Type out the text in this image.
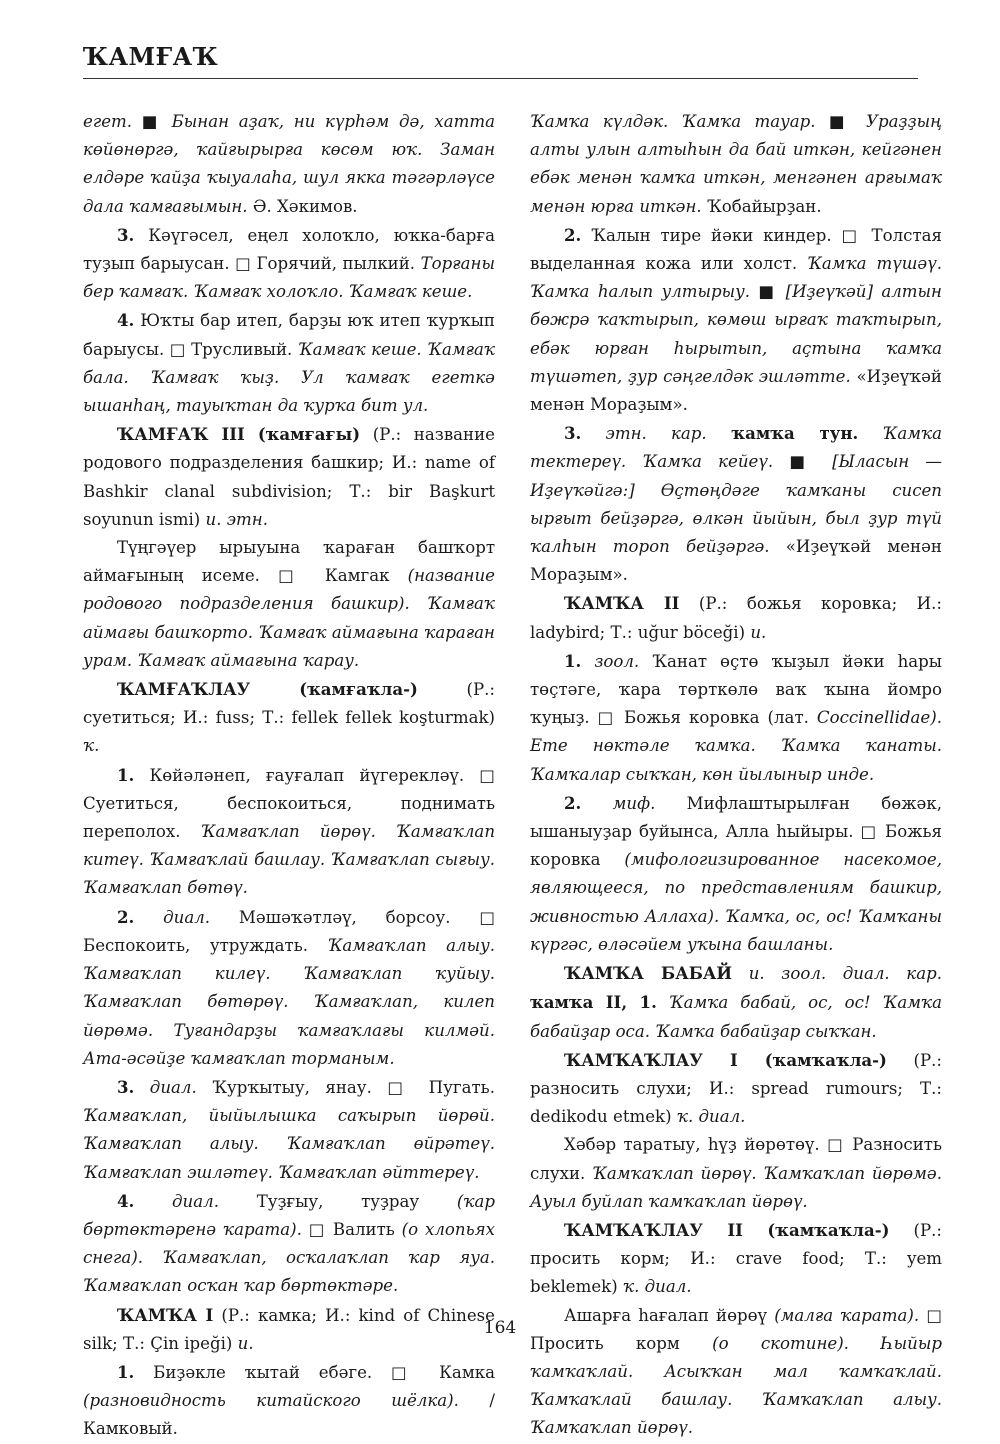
ҠАМҒАҠ

егет. ■ Бынан аҙаҡ, ни күрһәм дә, хатта көйөнөргә, ҡайғырырға көсөм юҡ. Заман елдәре ҡайҙа ҡыуалаһа, шул якка тәгәрләүсе дала ҡамғағымын. Ә. Хәкимов.

3. Кәүгәсел, еңел холоҡло, юҡка-барға туҙып барыусан. □ Горячий, пылкий. Торғаны бер ҡамғаҡ. Ҡамғаҡ холоҡло. Ҡамғаҡ кеше.

4. Юҡты бар итеп, барҙы юҡ итеп ҡурҡып барыусы. □ Трусливый. Ҡамғаҡ кеше. Ҡамғаҡ бала. Ҡамғаҡ ҡыҙ. Ул ҡамғаҡ егеткә ышанһаң, тауыҡтан да ҡурҡа бит ул.

ҠАМҒАҠ III (ҡамғағы) (Р.: название родового подразделения башкир; И.: name of Bashkir clanal subdivision; Т.: bir Başkurt soyunun ismi) и. этн.

Түңгәүер ырыуына ҡараған башҡорт аймағының исеме. □ Камгак (название родового подразделения башкир). Ҡамғаҡ аймағы башҡорто. Ҡамғаҡ аймағына ҡараған урам. Ҡамғаҡ аймағына ҡарау.

ҠАМҒАҠЛАУ (ҡамғаҡла-) (Р.: суетиться; И.: fuss; Т.: fellek fellek koşturmak) ҡ.

1. Көйәләнеп, ғауғалап йүгерекләү. □ Суетиться, беспокоиться, поднимать переполох. Ҡамғаҡлап йөрөү. Ҡамғаҡлап китеү. Ҡамғаҡлай башлау. Ҡамғаҡлап сығыу. Ҡамғаҡлап бөтөү.

2. диал. Мәшәҡәтләү, борсоу. □ Беспокоить, утруждать. Ҡамғаҡлап алыу. Ҡамғаҡлап килеү. Ҡамғаҡлап ҡуйыу. Ҡамғаҡлап бөтөрөү. Ҡамғаҡлап, килеп йөрөмә. Туғандарҙы ҡамғаҡлағы килмәй. Ата-әсәйҙе ҡамғаҡлап торманым.

3. диал. Ҡурҡытыу, янау. □ Пугать. Ҡамғаҡлап, йыйылышка саҡырып йөрөй. Ҡамғаҡлап алыу. Ҡамғаҡлап өйрәтеү. Ҡамғаҡлап эшләтеү. Ҡамғаҡлап әйттереү.

4. диал. Туҙғыу, туҙрау (ҡар бөртөктәренә ҡарата). □ Валить (о хлопьях снега). Ҡамғаҡлап, осҡалаҡлап ҡар яуа. Ҡамғаҡлап осҡан ҡар бөртөктәре.

ҠАМҠА I (Р.: камка; И.: kind of Chinese silk; Т.: Çin ipeği) и.

1. Биҙәкле ҡытай ебәге. □ Камка (разновидность китайского шёлка). / Камковый.

Ҡамҡа күлдәк. Ҡамҡа тауар. ■ Ураҙҙың алты улын алтыһын да бай иткән, кейгәнен ебәк менән ҡамҡа иткән, менгәнен арғымаҡ менән юрға иткән. Ҡобайырҙан.

2. Ҡалын тире йәки киндер. □ Толстая выделанная кожа или холст. Ҡамҡа түшәү. Ҡамҡа һалып ултырыу. ■ [Иҙеүҡәй] алтын бөжрә ҡаҡтырып, көмөш ырғаҡ таҡтырып, ебәк юрған һырытып, аҫтына ҡамҡа түшәтеп, ҙур сәңгелдәк эшләтте. «Иҙеүҡәй менән Мораҙым».

3. этн. кар. ҡамҡа тун. Ҡамҡа тектереү. Ҡамҡа кейеү. ■ [Ыласын — Иҙеүҡәйгә:] Өҫтөңдәге ҡамҡаны сисеп ырғыт бейҙәргә, өлкән йыйын, был ҙур түй ҡалһын тороп бейҙәргә. «Иҙеүҡәй менән Мораҙым».

ҠАМҠА II (Р.: божья коровка; И.: ladybird; Т.: uğur böceği) и.

1. зоол. Ҡанат өҫтө ҡыҙыл йәки һары төҫтәге, ҡара төрткөлө ваҡ ҡына йомро ҡуңыҙ. □ Божья коровка (лат. Coccinellidae). Ете нөктәле ҡамҡа. Ҡамҡа ҡанаты. Ҡамҡалар сыҡҡан, көн йылыныр инде.

2. миф. Мифлаштырылған бөжәк, ышаныуҙар буйынса, Алла һыйыры. □ Божья коровка (мифологизированное насекомое, являющееся, по представлениям башкир, живностью Аллаха). Ҡамҡа, ос, ос! Ҡамҡаны күргәс, өләсәйем уҡына башланы.

ҠАМҠА БАБАЙ и. зоол. диал. кар. ҡамҡа II, 1. Ҡамҡа бабай, ос, ос! Ҡамҡа бабайҙар оса. Ҡамҡа бабайҙар сыҡҡан.

ҠАМҠАҠЛАУ I (ҡамҡаҡла-) (Р.: разносить слухи; И.: spread rumours; Т.: dedikodu etmek) ҡ. диал.

Хәбәр таратыу, һүҙ йөрөтөү. □ Разносить слухи. Ҡамҡаҡлап йөрөү. Ҡамҡаҡлап йөрөмә. Ауыл буйлап ҡамҡаҡлап йөрөү.

ҠАМҠАҠЛАУ II (ҡамҡаҡла-) (Р.: просить корм; И.: crave food; Т.: yem beklemek) ҡ. диал.

Ашарға һағалап йөрөү (малға ҡарата). □ Просить корм (о скотине). Һыйыр ҡамҡаҡлай. Асыҡҡан мал ҡамҡаҡлай. Ҡамҡаҡлай башлау. Ҡамҡаҡлап алыу. Ҡамҡаҡлап йөрөү.

164
